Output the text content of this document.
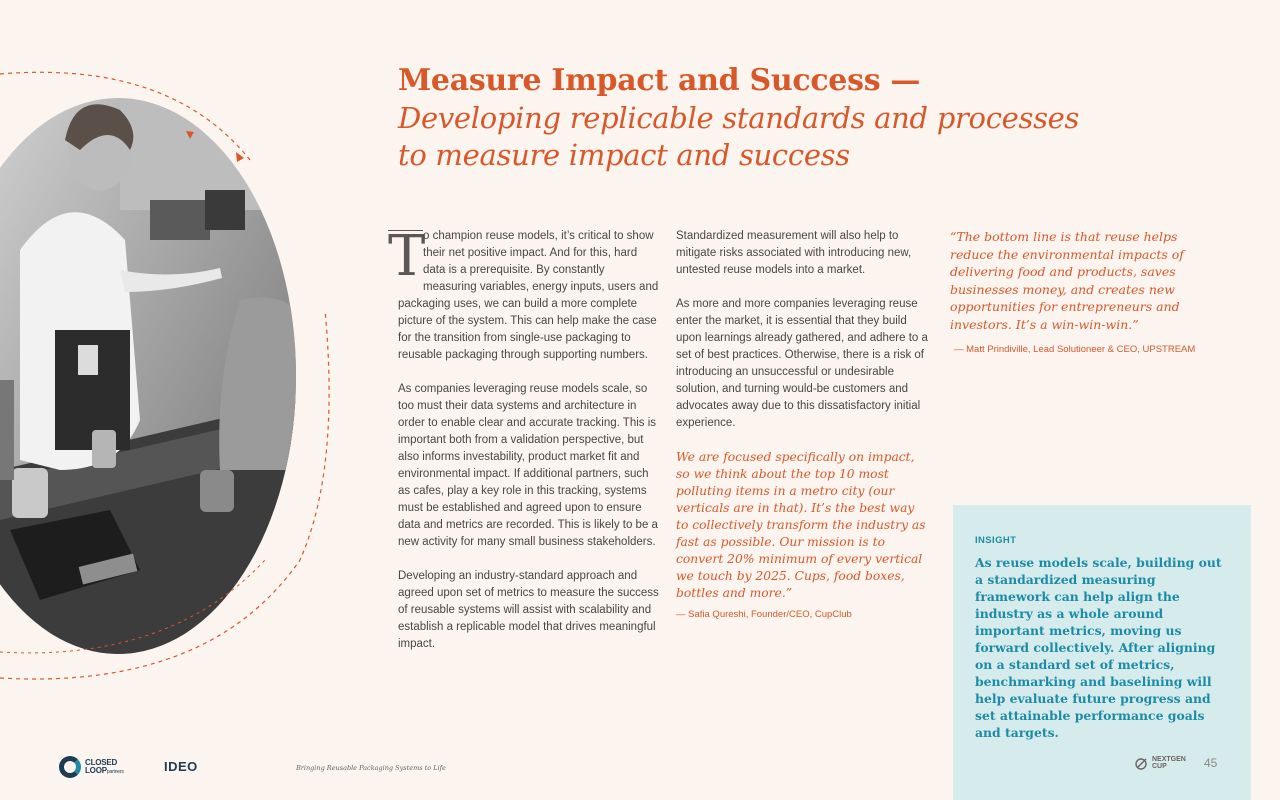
Measure Impact and Success —
Developing replicable standards and processes
to measure impact and success

T
o champion reuse models, it’s critical to show their net positive impact. And for this, hard data is a prerequisite. By constantly measuring variables, energy inputs, users and packaging uses, we can build a more complete picture of the system. This can help make the case for the transition from single-use packaging to reusable packaging through supporting numbers.

As companies leveraging reuse models scale, so too must their data systems and architecture in order to enable clear and accurate tracking. This is important both from a validation perspective, but also informs investability, product market fit and environmental impact. If additional partners, such as cafes, play a key role in this tracking, systems must be established and agreed upon to ensure data and metrics are recorded. This is likely to be a new activity for many small business stakeholders.

Developing an industry-standard approach and agreed upon set of metrics to measure the success of reusable systems will assist with scalability and establish a replicable model that drives meaningful impact.

Standardized measurement will also help to mitigate risks associated with introducing new, untested reuse models into a market.

As more and more companies leveraging reuse enter the market, it is essential that they build upon learnings already gathered, and adhere to a set of best practices. Otherwise, there is a risk of introducing an unsuccessful or undesirable solution, and turning would-be customers and advocates away due to this dissatisfactory initial experience.

We are focused specifically on impact, so we think about the top 10 most polluting items in a metro city (our verticals are in that). It’s the best way to collectively transform the industry as fast as possible. Our mission is to convert 20% minimum of every vertical we touch by 2025. Cups, food boxes, bottles and more.”

— Safia Qureshi, Founder/CEO, CupClub

“The bottom line is that reuse helps reduce the environmental impacts of delivering food and products, saves businesses money, and creates new opportunities for entrepreneurs and investors. It’s a win-win-win.”
— Matt Prindiville, Lead Solutioneer & CEO, UPSTREAM
INSIGHT
As reuse models scale, building out a standardized measuring framework can help align the industry as a whole around important metrics, moving us forward collectively. After aligning on a standard set of metrics, benchmarking and baselining will help evaluate future progress and set attainable performance goals and targets.
CLOSED
LOOPpartners	IDEO	Bringing Reusable Packaging Systems to Life
NEXTGEN
CUP	45
